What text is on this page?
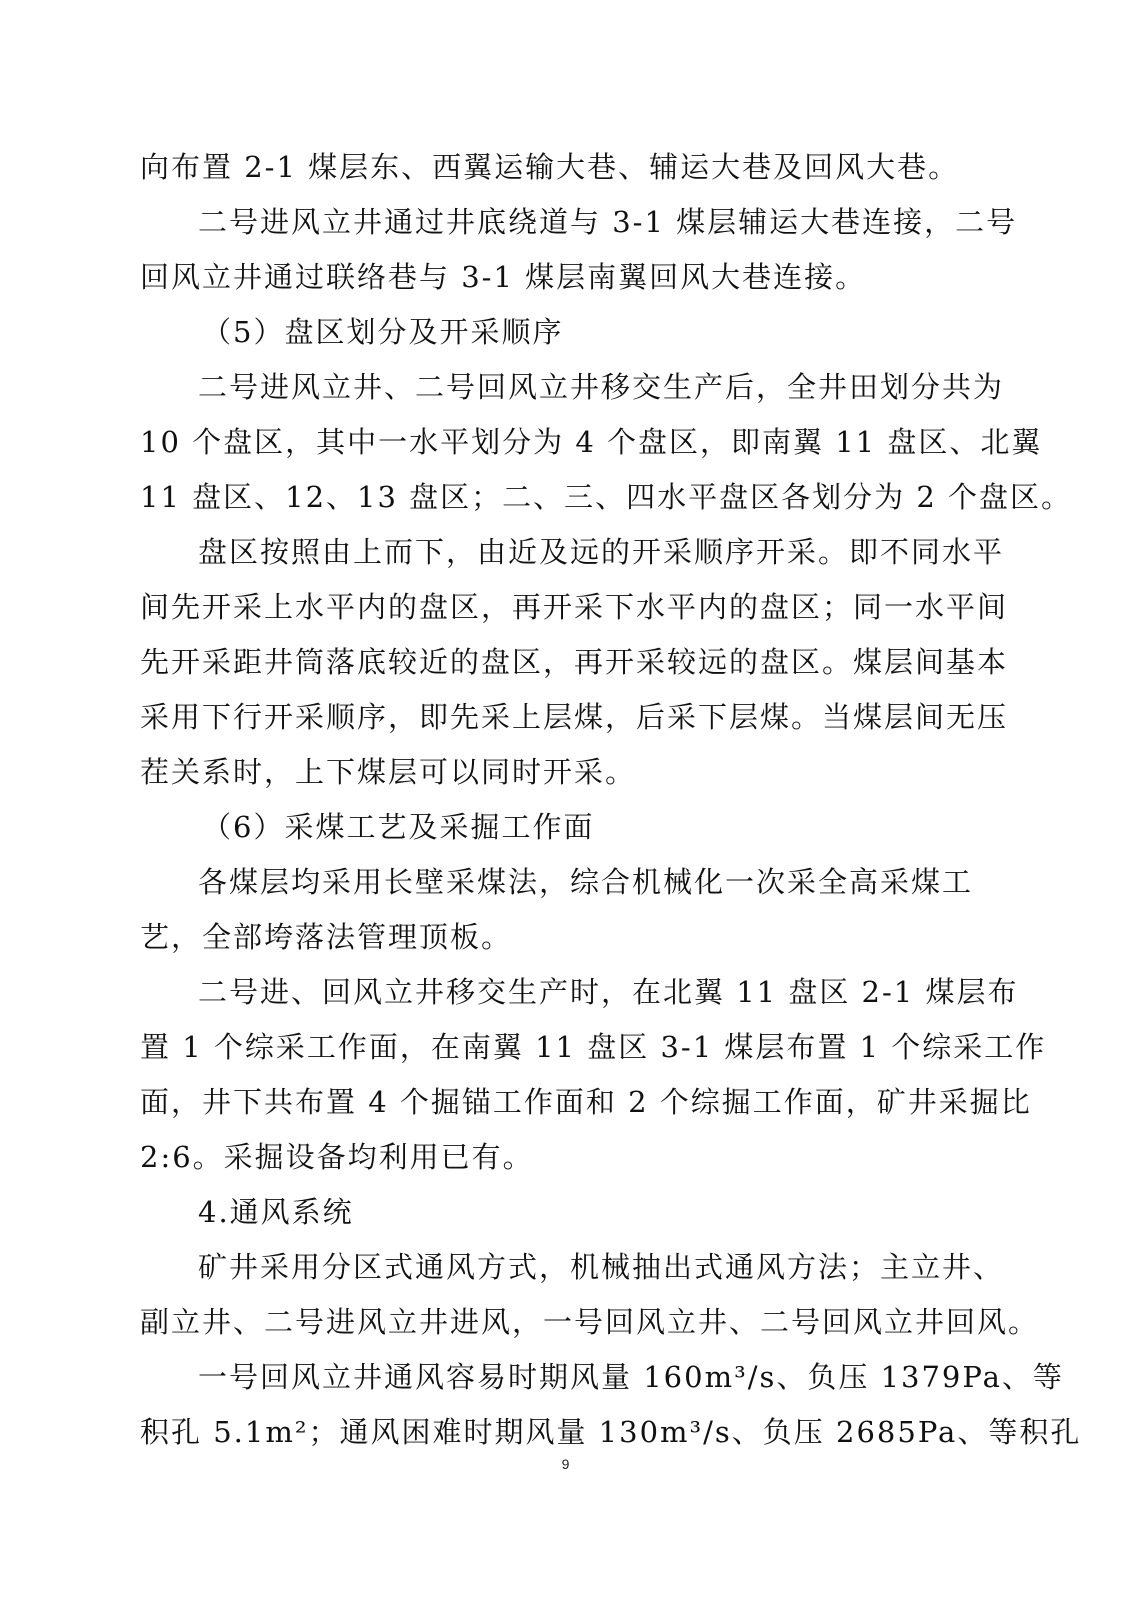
向布置 2-1 煤层东、西翼运输大巷、辅运大巷及回风大巷。
二号进风立井通过井底绕道与 3-1 煤层辅运大巷连接，二号
回风立井通过联络巷与 3-1 煤层南翼回风大巷连接。
（5）盘区划分及开采顺序
二号进风立井、二号回风立井移交生产后，全井田划分共为
10 个盘区，其中一水平划分为 4 个盘区，即南翼 11 盘区、北翼
11 盘区、12、13 盘区；二、三、四水平盘区各划分为 2 个盘区。
盘区按照由上而下，由近及远的开采顺序开采。即不同水平
间先开采上水平内的盘区，再开采下水平内的盘区；同一水平间
先开采距井筒落底较近的盘区，再开采较远的盘区。煤层间基本
采用下行开采顺序，即先采上层煤，后采下层煤。当煤层间无压
茬关系时，上下煤层可以同时开采。
（6）采煤工艺及采掘工作面
各煤层均采用长壁采煤法，综合机械化一次采全高采煤工
艺，全部垮落法管理顶板。
二号进、回风立井移交生产时，在北翼 11 盘区 2-1 煤层布
置 1 个综采工作面，在南翼 11 盘区 3-1 煤层布置 1 个综采工作
面，井下共布置 4 个掘锚工作面和 2 个综掘工作面，矿井采掘比
2:6。采掘设备均利用已有。
4.通风系统
矿井采用分区式通风方式，机械抽出式通风方法；主立井、
副立井、二号进风立井进风，一号回风立井、二号回风立井回风。
一号回风立井通风容易时期风量 160m³/s、负压 1379Pa、等
积孔 5.1m²；通风困难时期风量 130m³/s、负压 2685Pa、等积孔
9
